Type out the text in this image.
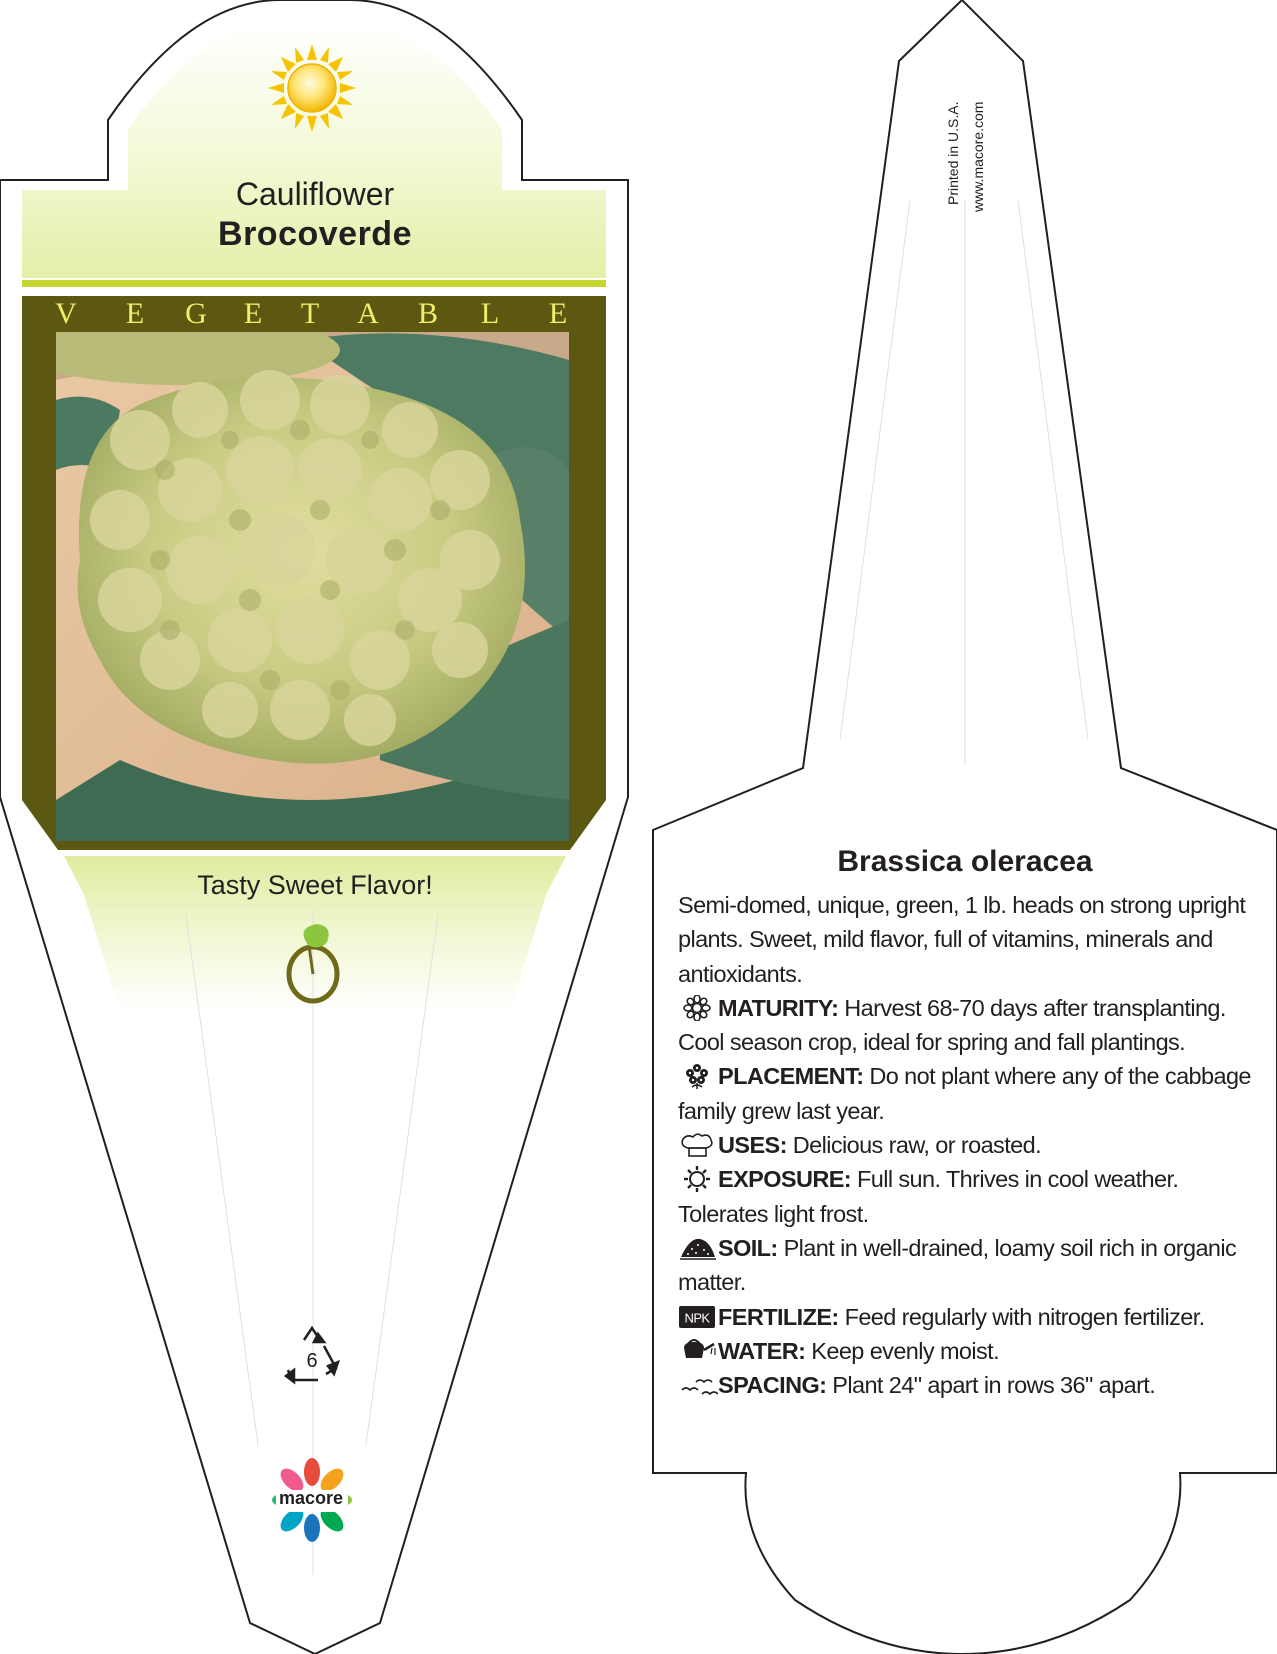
Cauliflower
Brocoverde
V E G E T A B L E
Tasty Sweet Flavor!
6
macore
Printed in U.S.A. www.macore.com
Brassica oleracea

Semi-domed, unique, green, 1 lb. heads on strong upright plants. Sweet, mild flavor, full of vitamins, minerals and antioxidants.

MATURITY: Harvest 68-70 days after transplanting. Cool season crop, ideal for spring and fall plantings.

PLACEMENT: Do not plant where any of the cabbage family grew last year.

USES: Delicious raw, or roasted.

EXPOSURE: Full sun. Thrives in cool weather. Tolerates light frost.

SOIL: Plant in well-drained, loamy soil rich in organic matter.

NPK FERTILIZE: Feed regularly with nitrogen fertilizer.

WATER: Keep evenly moist.

SPACING: Plant 24" apart in rows 36" apart.
